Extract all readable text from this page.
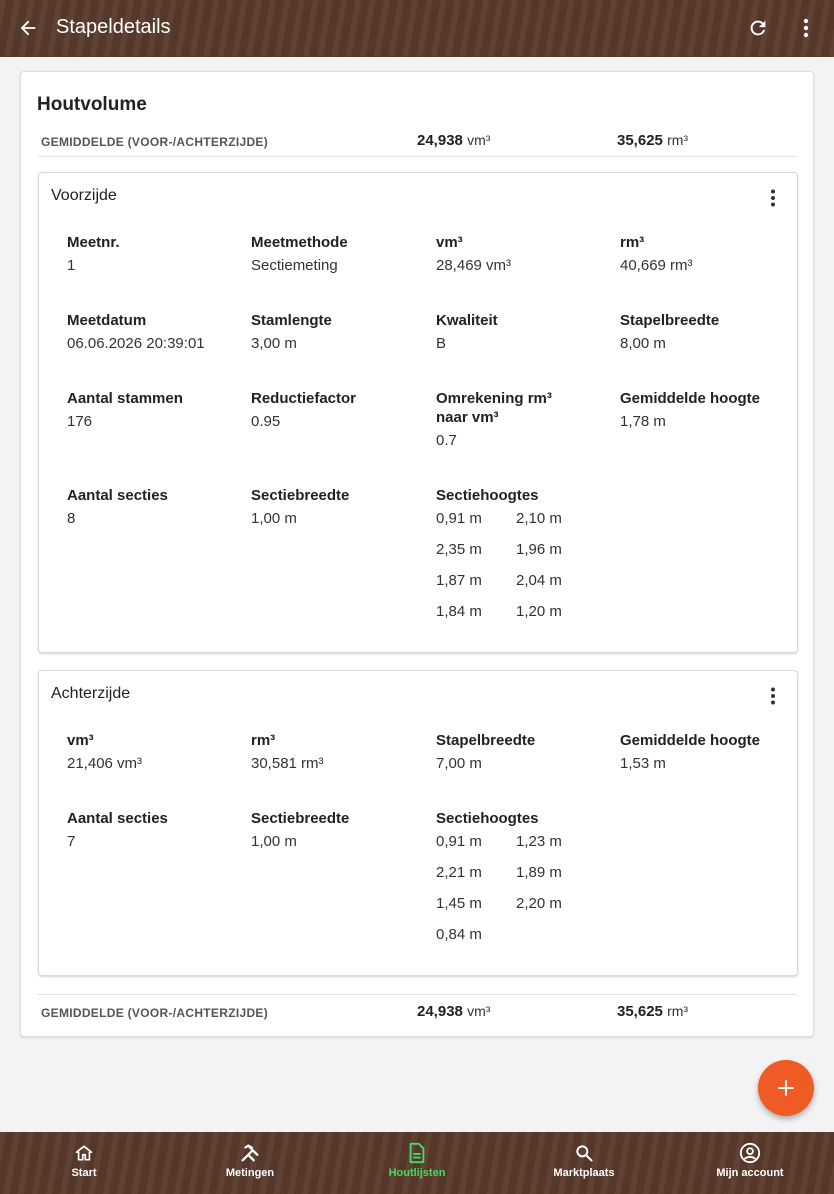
Stapeldetails
Houtvolume
GEMIDDELDE (VOOR-/ACHTERZIJDE)	24,938 vm³	35,625 rm³
Voorzijde
Meetnr.
1
Meetmethode
Sectiemeting
vm³
28,469 vm³
rm³
40,669 rm³
Meetdatum
06.06.2026 20:39:01
Stamlengte
3,00 m
Kwaliteit
B
Stapelbreedte
8,00 m
Aantal stammen
176
Reductiefactor
0.95
Omrekening rm³ naar vm³
0.7
Gemiddelde hoogte
1,78 m
Aantal secties
8
Sectiebreedte
1,00 m
Sectiehoogtes
0,91 m	2,10 m
2,35 m	1,96 m
1,87 m	2,04 m
1,84 m	1,20 m
Achterzijde
vm³
21,406 vm³
rm³
30,581 rm³
Stapelbreedte
7,00 m
Gemiddelde hoogte
1,53 m
Aantal secties
7
Sectiebreedte
1,00 m
Sectiehoogtes
0,91 m	1,23 m
2,21 m	1,89 m
1,45 m	2,20 m
0,84 m
GEMIDDELDE (VOOR-/ACHTERZIJDE)	24,938 vm³	35,625 rm³
Start	Metingen	Houtlijsten	Marktplaats	Mijn account
